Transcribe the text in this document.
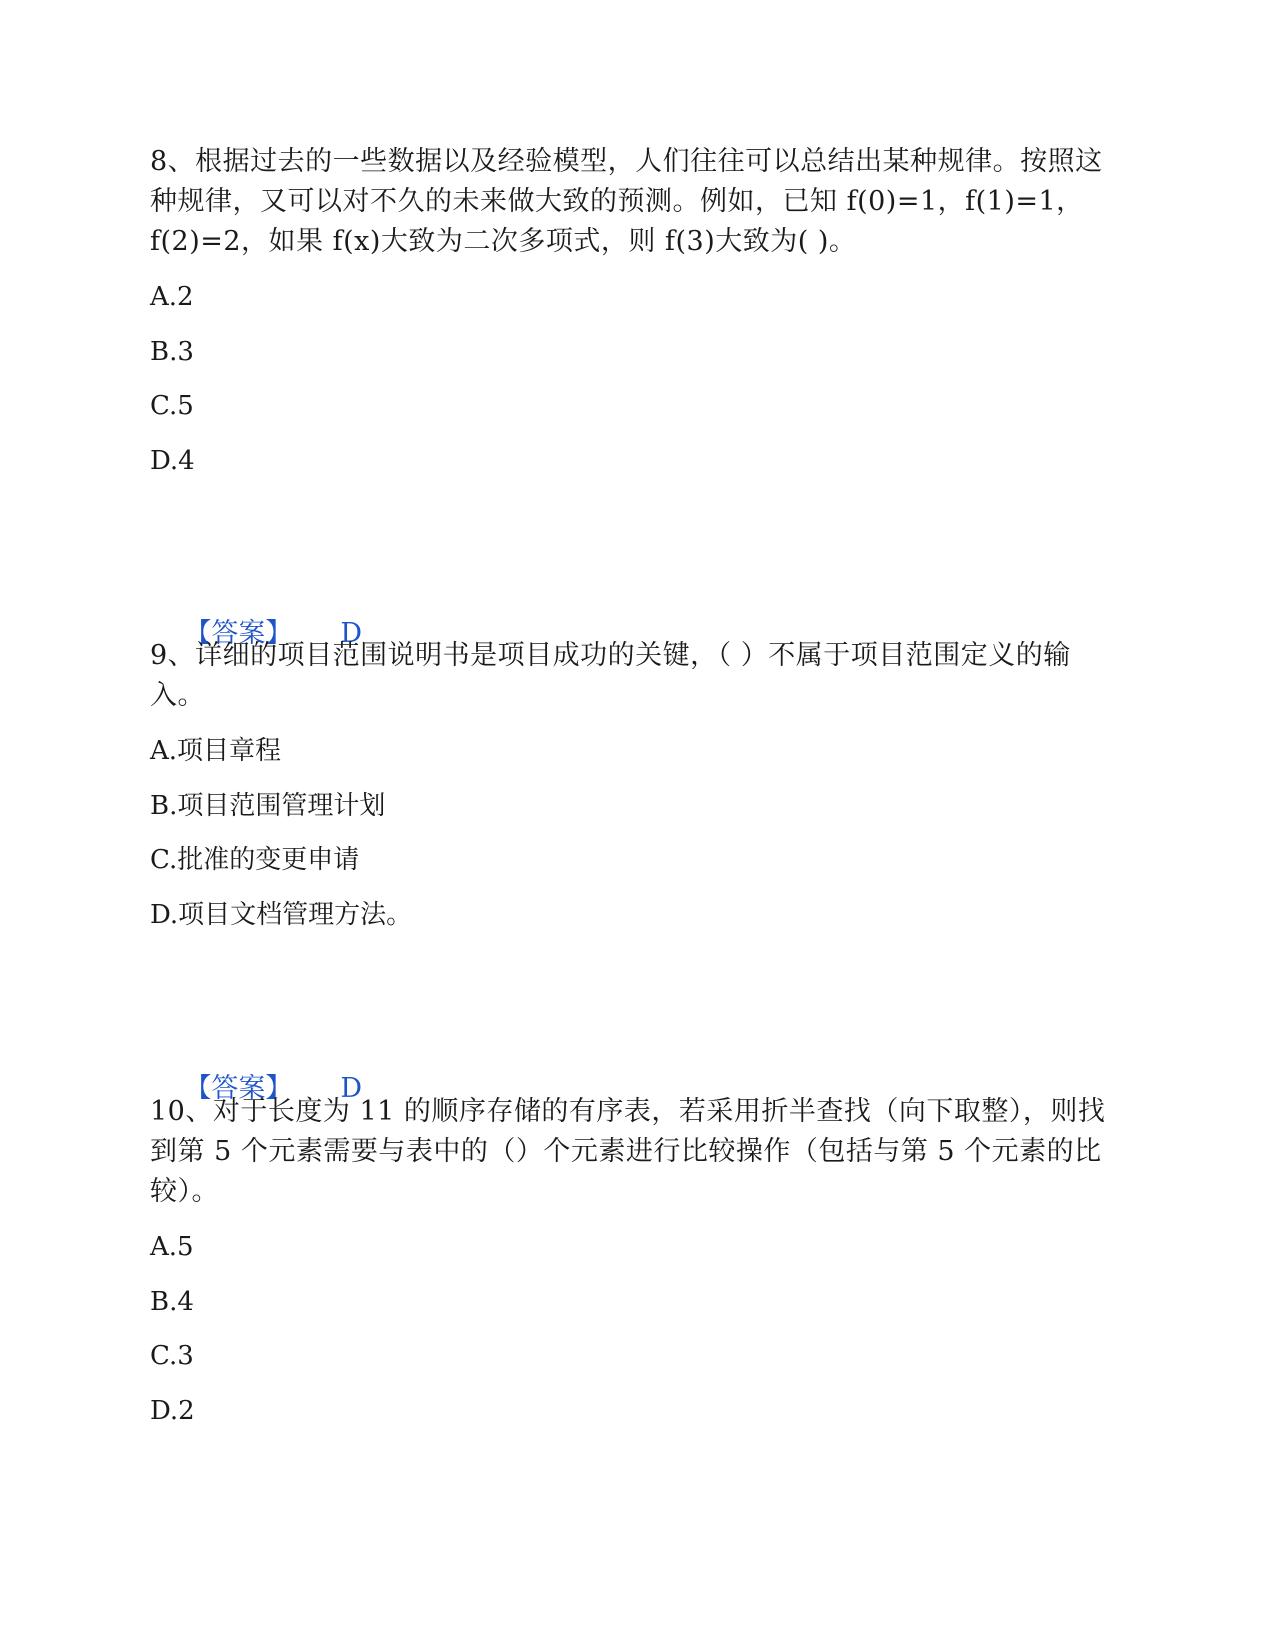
8、根据过去的一些数据以及经验模型，人们往往可以总结出某种规律。按照这种规律，又可以对不久的未来做大致的预测。例如，已知 f(0)=1，f(1)=1，f(2)=2，如果 f(x)大致为二次多项式，则 f(3)大致为( )。

A.2

B.3

C.5

D.4

【答案】 D

9、详细的项目范围说明书是项目成功的关键，（ ）不属于项目范围定义的输入。

A.项目章程

B.项目范围管理计划

C.批准的变更申请

D.项目文档管理方法。

【答案】 D

10、对于长度为 11 的顺序存储的有序表，若采用折半查找（向下取整），则找到第 5 个元素需要与表中的（）个元素进行比较操作（包括与第 5 个元素的比较）。

A.5

B.4

C.3

D.2
